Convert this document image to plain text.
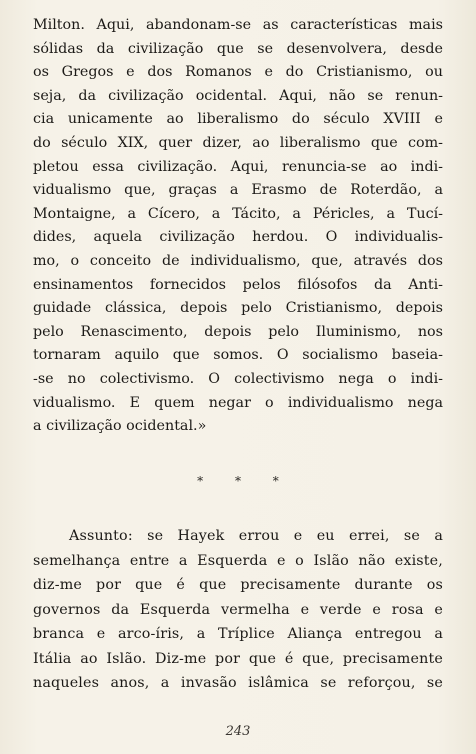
Milton. Aqui, abandonam-se as características mais
sólidas da civilização que se desenvolvera, desde
os Gregos e dos Romanos e do Cristianismo, ou
seja, da civilização ocidental. Aqui, não se renun-
cia unicamente ao liberalismo do século XVIII e
do século XIX, quer dizer, ao liberalismo que com-
pletou essa civilização. Aqui, renuncia-se ao indi-
vidualismo que, graças a Erasmo de Roterdão, a
Montaigne, a Cícero, a Tácito, a Péricles, a Tucí-
dides, aquela civilização herdou. O individualis-
mo, o conceito de individualismo, que, através dos
ensinamentos fornecidos pelos filósofos da Anti-
guidade clássica, depois pelo Cristianismo, depois
pelo Renascimento, depois pelo Iluminismo, nos
tornaram aquilo que somos. O socialismo baseia-
-se no colectivismo. O colectivismo nega o indi-
vidualismo. E quem negar o individualismo nega
a civilização ocidental.»
* * *
Assunto: se Hayek errou e eu errei, se a
semelhança entre a Esquerda e o Islão não existe,
diz-me por que é que precisamente durante os
governos da Esquerda vermelha e verde e rosa e
branca e arco-íris, a Tríplice Aliança entregou a
Itália ao Islão. Diz-me por que é que, precisamente
naqueles anos, a invasão islâmica se reforçou, se
243
